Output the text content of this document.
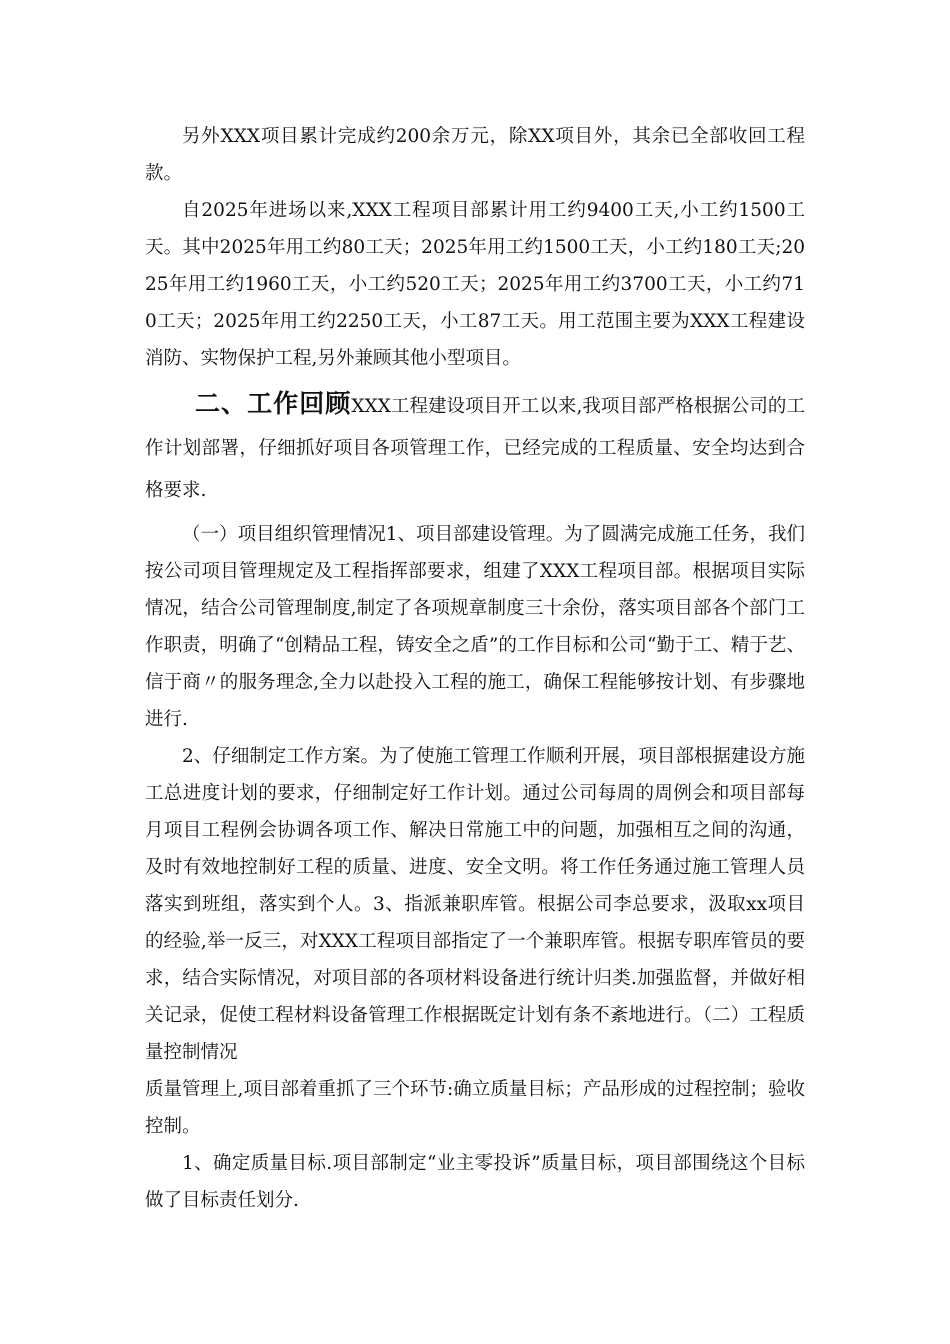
另外XXX项目累计完成约200余万元，除XX项目外，其余已全部收回工程款。

自2025年进场以来,XXX工程项目部累计用工约9400工天,小工约1500工天。其中2025年用工约80工天；2025年用工约1500工天，小工约180工天;2025年用工约1960工天，小工约520工天；2025年用工约3700工天，小工约710工天；2025年用工约2250工天，小工87工天。用工范围主要为XXX工程建设消防、实物保护工程,另外兼顾其他小型项目。

二、工作回顾XXX工程建设项目开工以来,我项目部严格根据公司的工作计划部署，仔细抓好项目各项管理工作，已经完成的工程质量、安全均达到合格要求.

（一）项目组织管理情况1、项目部建设管理。为了圆满完成施工任务，我们按公司项目管理规定及工程指挥部要求，组建了XXX工程项目部。根据项目实际情况，结合公司管理制度,制定了各项规章制度三十余份，落实项目部各个部门工作职责，明确了“创精品工程，铸安全之盾”的工作目标和公司“勤于工、精于艺、信于商〃的服务理念,全力以赴投入工程的施工，确保工程能够按计划、有步骤地进行.

2、仔细制定工作方案。为了使施工管理工作顺利开展，项目部根据建设方施工总进度计划的要求，仔细制定好工作计划。通过公司每周的周例会和项目部每月项目工程例会协调各项工作、解决日常施工中的问题，加强相互之间的沟通，及时有效地控制好工程的质量、进度、安全文明。将工作任务通过施工管理人员落实到班组，落实到个人。3、指派兼职库管。根据公司李总要求，汲取xx项目的经验,举一反三，对XXX工程项目部指定了一个兼职库管。根据专职库管员的要求，结合实际情况，对项目部的各项材料设备进行统计归类.加强监督，并做好相关记录，促使工程材料设备管理工作根据既定计划有条不紊地进行。（二）工程质量控制情况

质量管理上,项目部着重抓了三个环节:确立质量目标；产品形成的过程控制；验收控制。

1、确定质量目标.项目部制定“业主零投诉”质量目标，项目部围绕这个目标做了目标责任划分.
